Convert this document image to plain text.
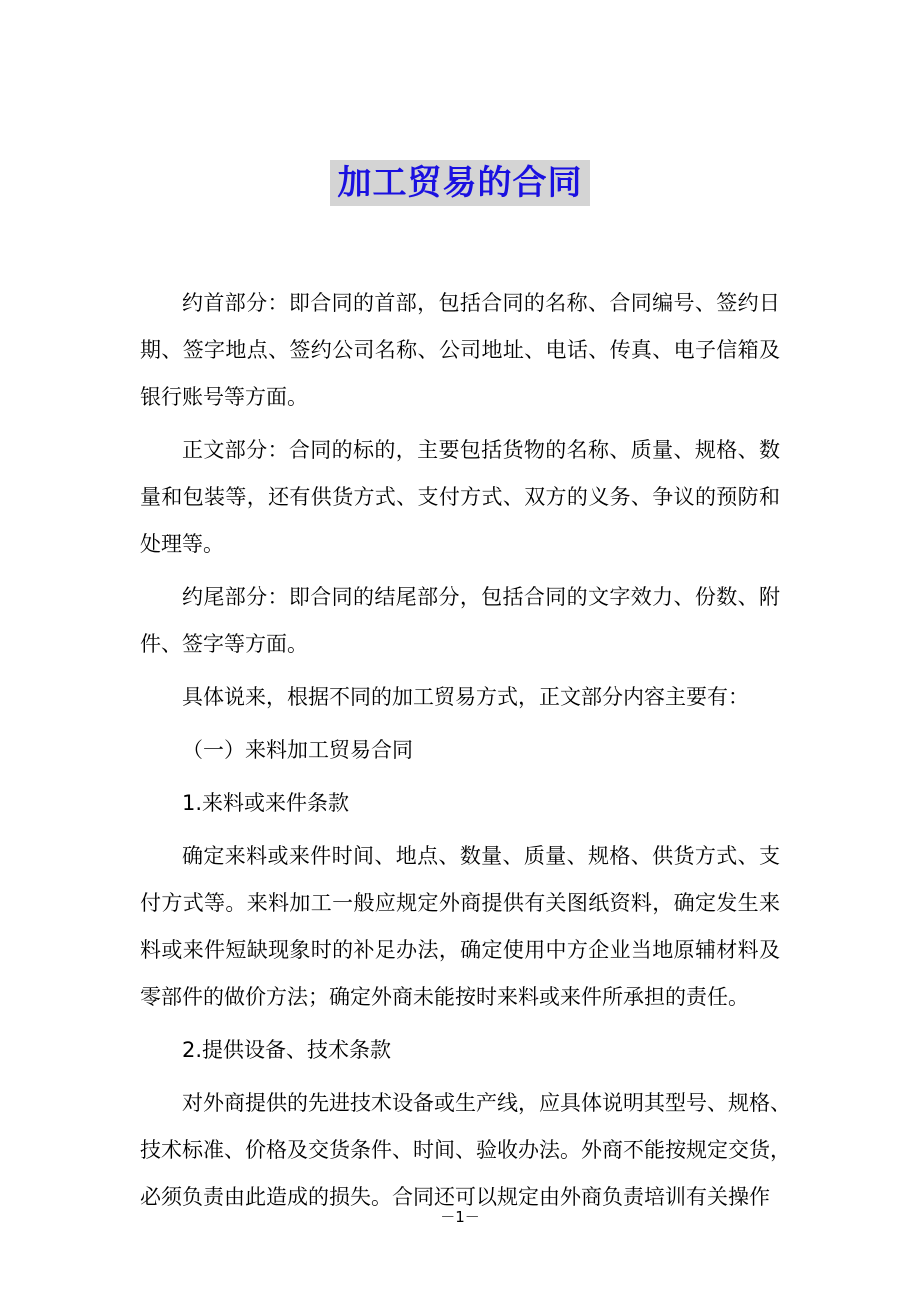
加工贸易的合同
约首部分：即合同的首部，包括合同的名称、合同编号、签约日
期、签字地点、签约公司名称、公司地址、电话、传真、电子信箱及
银行账号等方面。
正文部分：合同的标的，主要包括货物的名称、质量、规格、数
量和包装等，还有供货方式、支付方式、双方的义务、争议的预防和
处理等。
约尾部分：即合同的结尾部分，包括合同的文字效力、份数、附
件、签字等方面。
具体说来，根据不同的加工贸易方式，正文部分内容主要有：
（一）来料加工贸易合同
1.来料或来件条款
确定来料或来件时间、地点、数量、质量、规格、供货方式、支
付方式等。来料加工一般应规定外商提供有关图纸资料，确定发生来
料或来件短缺现象时的补足办法，确定使用中方企业当地原辅材料及
零部件的做价方法；确定外商未能按时来料或来件所承担的责任。
2.提供设备、技术条款
对外商提供的先进技术设备或生产线，应具体说明其型号、规格、
技术标准、价格及交货条件、时间、验收办法。外商不能按规定交货，
必须负责由此造成的损失。合同还可以规定由外商负责培训有关操作
－1－
